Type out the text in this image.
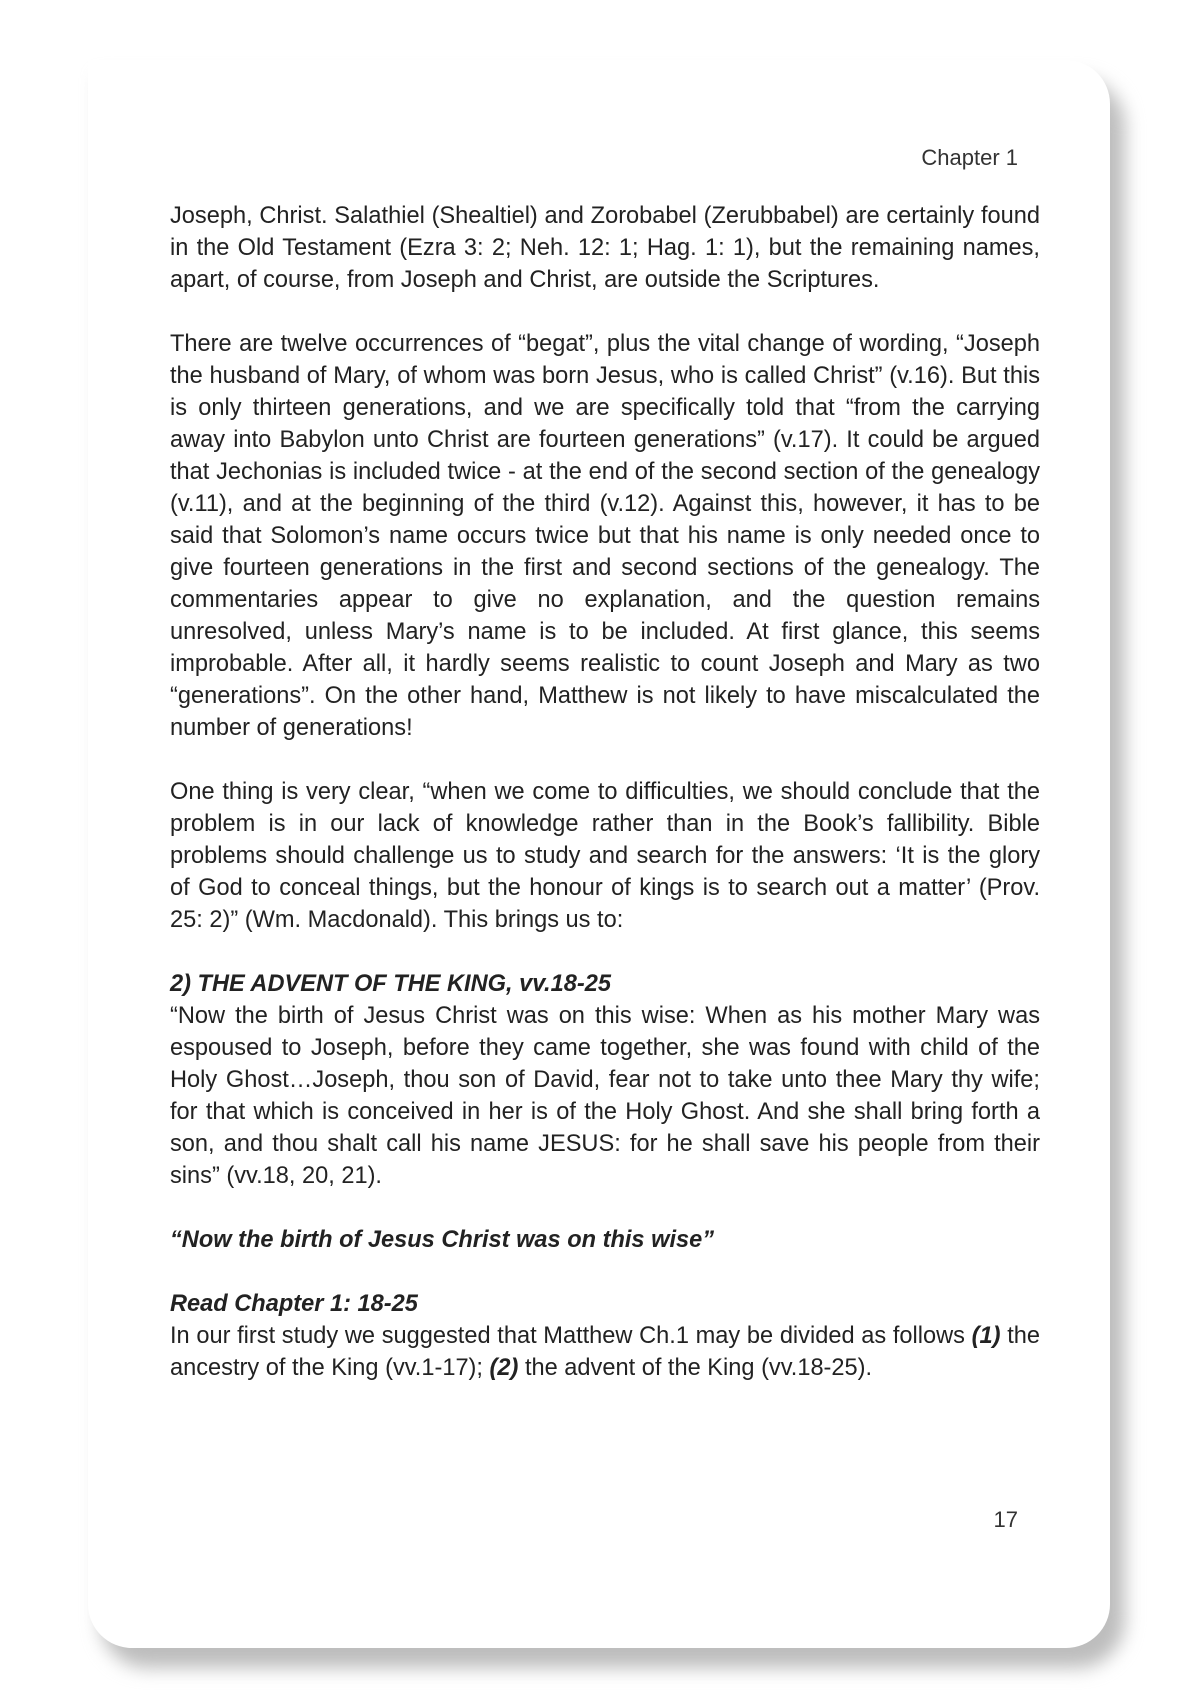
Chapter 1

Joseph, Christ. Salathiel (Shealtiel) and Zorobabel (Zerubbabel) are certainly found in the Old Testament (Ezra 3: 2; Neh. 12: 1; Hag. 1: 1), but the remaining names, apart, of course, from Joseph and Christ, are outside the Scriptures.

There are twelve occurrences of “begat”, plus the vital change of wording, “Joseph the husband of Mary, of whom was born Jesus, who is called Christ” (v.16). But this is only thirteen generations, and we are specifically told that “from the carrying away into Babylon unto Christ are fourteen generations” (v.17). It could be argued that Jechonias is included twice - at the end of the second section of the genealogy (v.11), and at the beginning of the third (v.12). Against this, however, it has to be said that Solomon’s name occurs twice but that his name is only needed once to give fourteen generations in the first and second sections of the genealogy. The commentaries appear to give no explanation, and the question remains unresolved, unless Mary’s name is to be included. At first glance, this seems improbable. After all, it hardly seems realistic to count Joseph and Mary as two “generations”. On the other hand, Matthew is not likely to have miscalculated the number of generations!

One thing is very clear, “when we come to difficulties, we should conclude that the problem is in our lack of knowledge rather than in the Book’s fallibility. Bible problems should challenge us to study and search for the answers: ‘It is the glory of God to conceal things, but the honour of kings is to search out a matter’ (Prov. 25: 2)” (Wm. Macdonald). This brings us to:

2) THE ADVENT OF THE KING, vv.18-25
“Now the birth of Jesus Christ was on this wise: When as his mother Mary was espoused to Joseph, before they came together, she was found with child of the Holy Ghost…Joseph, thou son of David, fear not to take unto thee Mary thy wife; for that which is conceived in her is of the Holy Ghost. And she shall bring forth a son, and thou shalt call his name JESUS: for he shall save his people from their sins” (vv.18, 20, 21).

“Now the birth of Jesus Christ was on this wise”

Read Chapter 1: 18-25
In our first study we suggested that Matthew Ch.1 may be divided as follows (1) the ancestry of the King (vv.1-17); (2) the advent of the King (vv.18-25).

17
